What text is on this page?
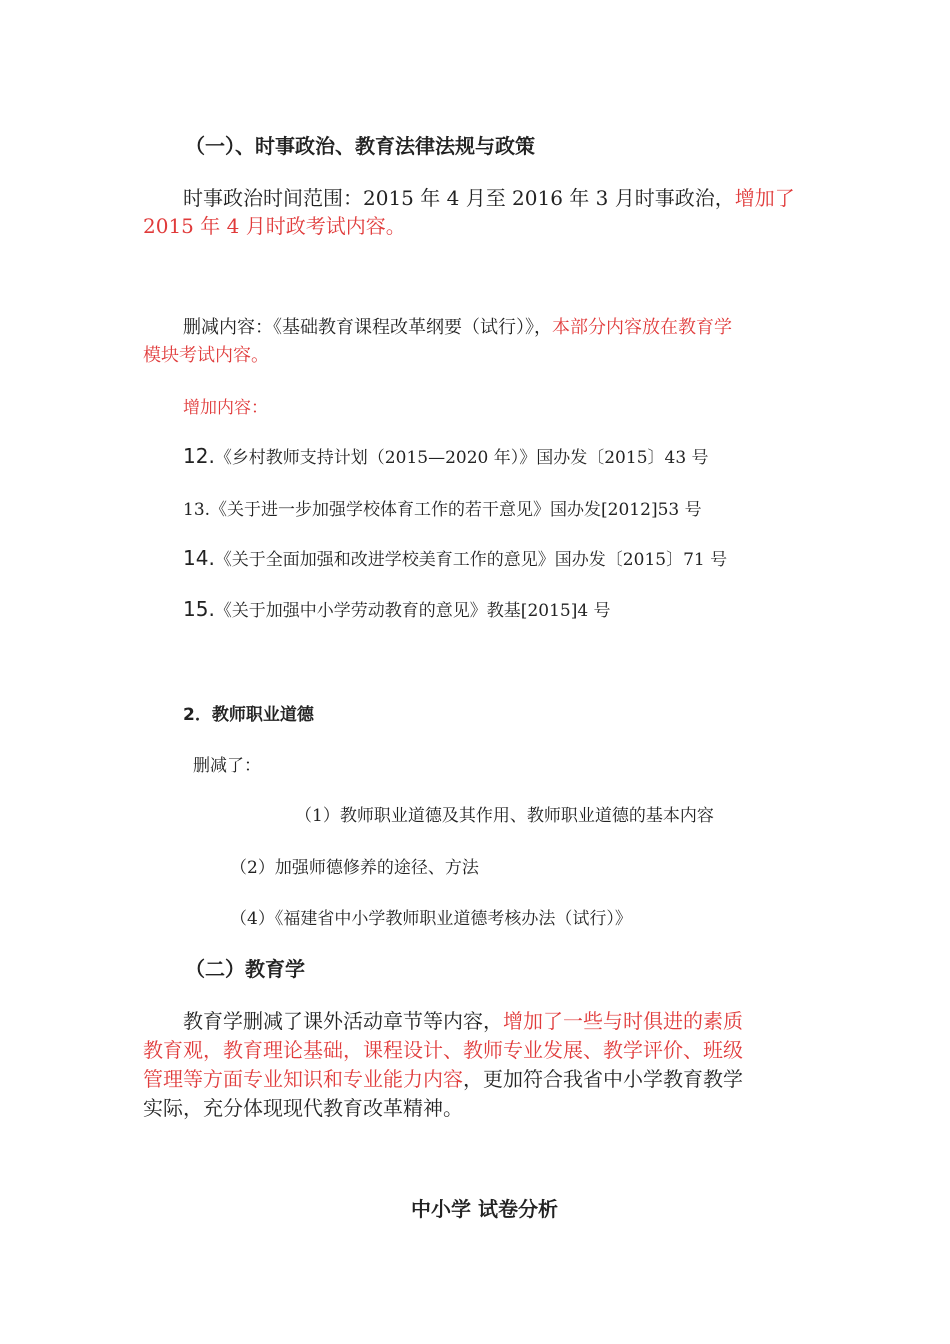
（一）、时事政治、教育法律法规与政策
时事政治时间范围：2015 年 4 月至 2016 年 3 月时事政治，增加了
2015 年 4 月时政考试内容。
删减内容：《基础教育课程改革纲要（试行）》，本部分内容放在教育学
模块考试内容。
增加内容：
12.《乡村教师支持计划（2015—2020 年）》国办发〔2015〕43 号
13.《关于进一步加强学校体育工作的若干意见》国办发[2012]53 号
14.《关于全面加强和改进学校美育工作的意见》国办发〔2015〕71 号
15.《关于加强中小学劳动教育的意见》教基[2015]4 号
2．教师职业道德
删减了：
（1）教师职业道德及其作用、教师职业道德的基本内容
（2）加强师德修养的途径、方法
（4）《福建省中小学教师职业道德考核办法（试行）》
（二）教育学
教育学删减了课外活动章节等内容，增加了一些与时俱进的素质
教育观，教育理论基础，课程设计、教师专业发展、教学评价、班级
管理等方面专业知识和专业能力内容，更加符合我省中小学教育教学
实际，充分体现现代教育改革精神。
中小学 试卷分析
